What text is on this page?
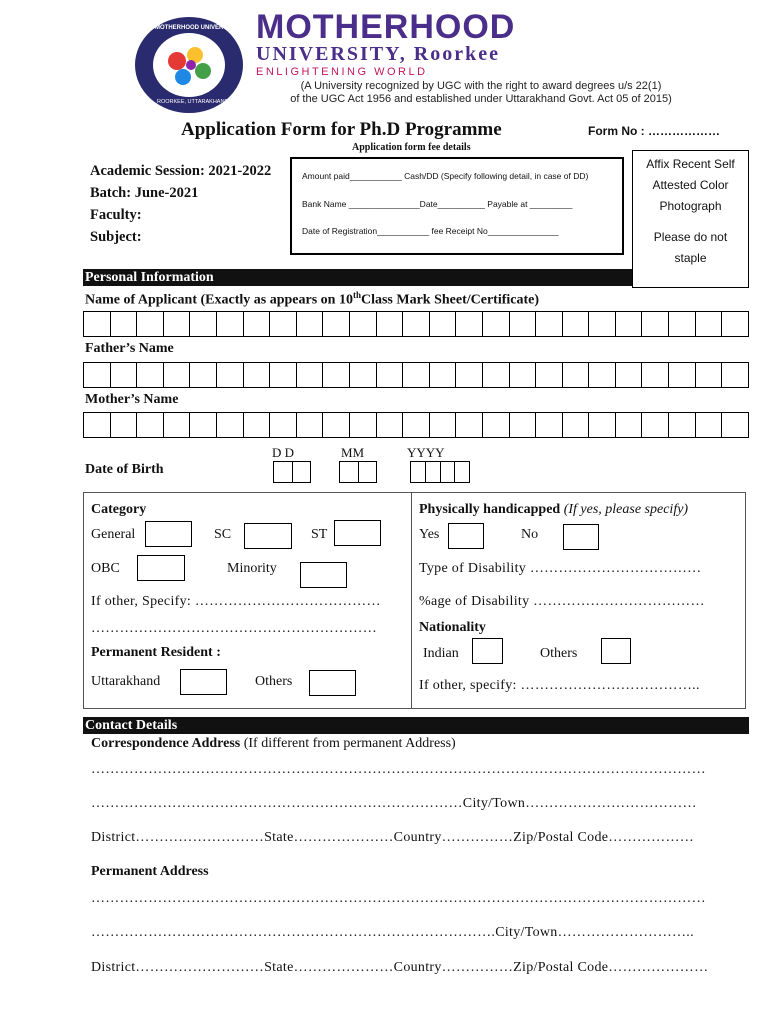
MOTHERHOOD UNIVERSITY
ROORKEE, UTTARAKHAND
MOTHERHOOD
UNIVERSITY, Roorkee
ENLIGHTENING WORLD
(A University recognized by UGC with the right to award degrees u/s 22(1)
of the UGC Act 1956 and established under Uttarakhand Govt. Act 05 of 2015)
Application Form for Ph.D Programme	Form No : ………………
Application form fee details
Academic Session: 2021-2022
Batch: June-2021
Faculty:
Subject:
Amount paid___________ Cash/DD (Specify following detail, in case of DD)
Bank Name _______________Date__________ Payable at _________
Date of Registration___________ fee Receipt No_______________
Affix Recent Self
Attested Color
Photograph
Please do not
staple
Personal Information
Name of Applicant (Exactly as appears on 10thClass Mark Sheet/Certificate)
Father’s Name
Mother’s Name
Date of Birth
D D	MM	YYYY
Category
General	SC	ST
OBC	Minority
If other, Specify: …………………………………
……………………………………………………
Permanent Resident :
Uttarakhand	Others
Physically handicapped (If yes, please specify)
Yes	No
Type of Disability ………………………………
%age of Disability ………………………………
Nationality
Indian	Others
If other, specify: ………………………………..
Contact Details
Correspondence Address (If different from permanent Address)
…………………………………………………………………………………………………………………
……………………………………………………………………City/Town………………………………
District………………………State…………………Country……………Zip/Postal Code………………
Permanent Address
…………………………………………………………………………………………………………………
………………………………………………………………………….City/Town………………………..
District………………………State…………………Country……………Zip/Postal Code…………………
